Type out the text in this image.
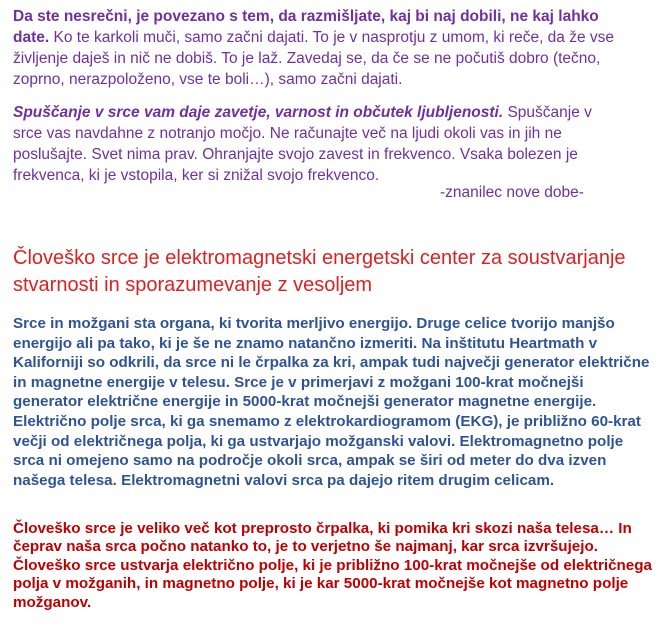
Da ste nesrečni, je povezano s tem, da razmišljate, kaj bi naj dobili, ne kaj lahko date. Ko te karkoli muči, samo začni dajati. To je v nasprotju z umom, ki reče, da že vse življenje daješ in nič ne dobiš. To je laž. Zavedaj se, da če se ne počutiš dobro (tečno, zoprno, nerazpoloženo, vse te boli…), samo začni dajati.

Spuščanje v srce vam daje zavetje, varnost in občutek ljubljenosti. Spuščanje v srce vas navdahne z notranjo močjo. Ne računajte več na ljudi okoli vas in jih ne poslušajte. Svet nima prav. Ohranjajte svojo zavest in frekvenco. Vsaka bolezen je frekvenca, ki je vstopila, ker si znižal svojo frekvenco.

-znanilec nove dobe-
Človeško srce je elektromagnetski energetski center za soustvarjanje stvarnosti in sporazumevanje z vesoljem

Srce in možgani sta organa, ki tvorita merljivo energijo. Druge celice tvorijo manjšo energijo ali pa tako, ki je še ne znamo natančno izmeriti. Na inštitutu Heartmath v Kaliforniji so odkrili, da srce ni le črpalka za kri, ampak tudi največji generator električne in magnetne energije v telesu. Srce je v primerjavi z možgani 100-krat močnejši generator električne energije in 5000-krat močnejši generator magnetne energije. Električno polje srca, ki ga snemamo z elektrokardiogramom (EKG), je približno 60-krat večji od električnega polja, ki ga ustvarjajo možganski valovi. Elektromagnetno polje srca ni omejeno samo na področje okoli srca, ampak se širi od meter do dva izven našega telesa. Elektromagnetni valovi srca pa dajejo ritem drugim celicam.

Človeško srce je veliko več kot preprosto črpalka, ki pomika kri skozi naša telesa… In čeprav naša srca počno natanko to, je to verjetno še najmanj, kar srca izvršujejo.
Človeško srce ustvarja električno polje, ki je približno 100-krat močnejše od električnega polja v možganih, in magnetno polje, ki je kar 5000-krat močnejše kot magnetno polje možganov.
